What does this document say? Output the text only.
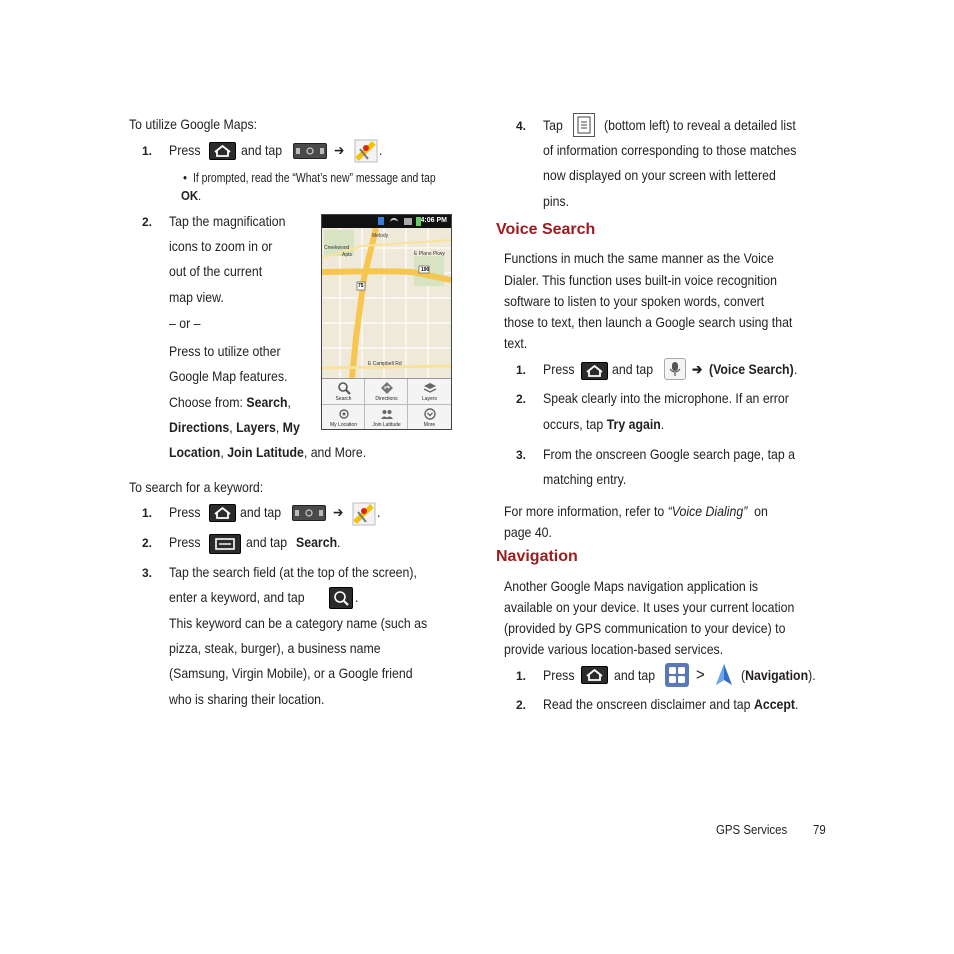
To utilize Google Maps:
1. Press	and tap	➔ .
• If prompted, read the “What’s new” message and tap
OK .
2. Tap the magnification
icons to zoom in or
out of the current
map view.
– or –
Press to utilize other
Google Map features.
Choose from: Search,
Directions, Layers, My
Location, Join Latitude, and More.
4:06 PM
Creekwood
Apts
Melody
E Plano Pkwy
190
75
E Campbell Rd
Search	Directions	Layers
My Location	Join Latitude	More
To search for a keyword:
1. Press	and tap	➔ .
2. Press	and tap Search .
3. Tap the search field (at the top of the screen),
enter a keyword, and tap	.
This keyword can be a category name (such as
pizza, steak, burger), a business name
(Samsung, Virgin Mobile), or a Google friend
who is sharing their location.
4. Tap	(bottom left) to reveal a detailed list
of information corresponding to those matches
now displayed on your screen with lettered
pins.
Voice Search
Functions in much the same manner as the Voice
Dialer. This function uses built-in voice recognition
software to listen to your spoken words, convert
those to text, then launch a Google search using that
text.
1. Press	and tap	➔ (Voice Search) .
2. Speak clearly into the microphone. If an error
occurs, tap Try again.
3. From the onscreen Google search page, tap a
matching entry.
For more information, refer to “Voice Dialing” on
page 40.
Navigation
Another Google Maps navigation application is
available on your device. It uses your current location
(provided by GPS communication to your device) to
provide various location-based services.
1. Press	and tap >	(Navigation).
2. Read the onscreen disclaimer and tap Accept.
GPS Services 79
